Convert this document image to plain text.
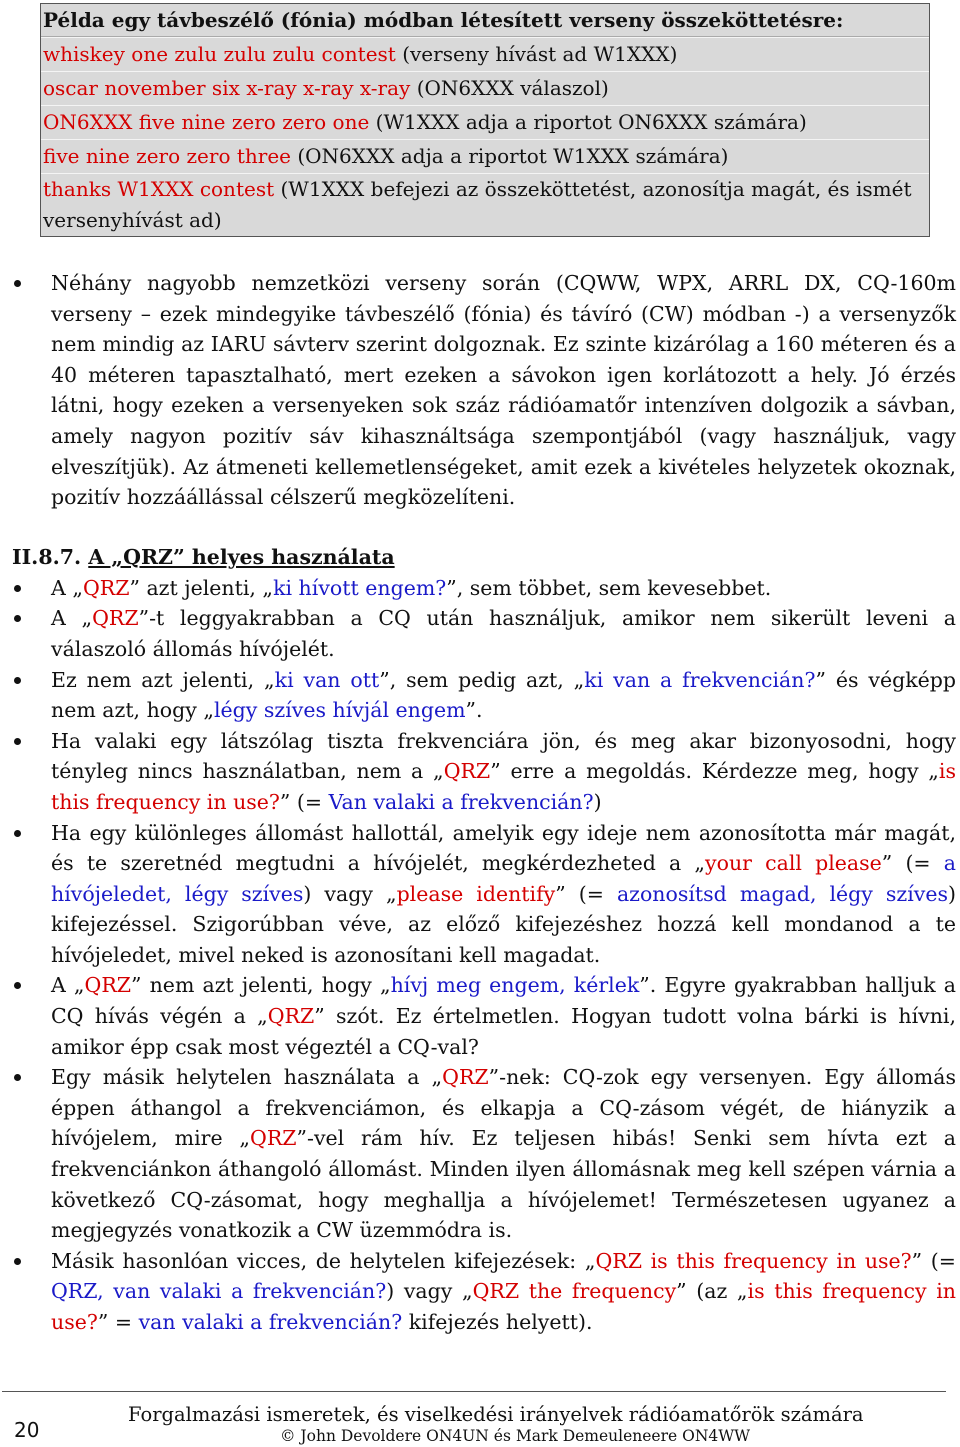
Példa egy távbeszélő (fónia) módban létesített verseny összeköttetésre:
whiskey one zulu zulu zulu contest (verseny hívást ad W1XXX)
oscar november six x-ray x-ray x-ray (ON6XXX válaszol)
ON6XXX five nine zero zero one (W1XXX adja a riportot ON6XXX számára)
five nine zero zero three (ON6XXX adja a riportot W1XXX számára)
thanks W1XXX contest (W1XXX befejezi az összeköttetést, azonosítja magát, és ismét versenyhívást ad)
Néhány nagyobb nemzetközi verseny során (CQWW, WPX, ARRL DX, CQ-160m verseny – ezek mindegyike távbeszélő (fónia) és távíró (CW) módban -) a versenyzők nem mindig az IARU sávterv szerint dolgoznak. Ez szinte kizárólag a 160 méteren és a 40 méteren tapasztalható, mert ezeken a sávokon igen korlátozott a hely. Jó érzés látni, hogy ezeken a versenyeken sok száz rádióamatőr intenzíven dolgozik a sávban, amely nagyon pozitív sáv kihasználtsága szempontjából (vagy használjuk, vagy elveszítjük). Az átmeneti kellemetlenségeket, amit ezek a kivételes helyzetek okoznak, pozitív hozzáállással célszerű megközelíteni.
II.8.7. A „QRZ” helyes használata
A „QRZ” azt jelenti, „ki hívott engem?”, sem többet, sem kevesebbet.
A „QRZ”-t leggyakrabban a CQ után használjuk, amikor nem sikerült leveni a válaszoló állomás hívójelét.
Ez nem azt jelenti, „ki van ott”, sem pedig azt, „ki van a frekvencián?” és végképp nem azt, hogy „légy szíves hívjál engem”.
Ha valaki egy látszólag tiszta frekvenciára jön, és meg akar bizonyosodni, hogy tényleg nincs használatban, nem a „QRZ” erre a megoldás. Kérdezze meg, hogy „is this frequency in use?” (= Van valaki a frekvencián?)
Ha egy különleges állomást hallottál, amelyik egy ideje nem azonosította már magát, és te szeretnéd megtudni a hívójelét, megkérdezheted a „your call please” (= a hívójeledet, légy szíves) vagy „please identify” (= azonosítsd magad, légy szíves) kifejezéssel. Szigorúbban véve, az előző kifejezéshez hozzá kell mondanod a te hívójeledet, mivel neked is azonosítani kell magadat.
A „QRZ” nem azt jelenti, hogy „hívj meg engem, kérlek”. Egyre gyakrabban halljuk a CQ hívás végén a „QRZ” szót. Ez értelmetlen. Hogyan tudott volna bárki is hívni, amikor épp csak most végeztél a CQ-val?
Egy másik helytelen használata a „QRZ”-nek: CQ-zok egy versenyen. Egy állomás éppen áthangol a frekvenciámon, és elkapja a CQ-zásom végét, de hiányzik a hívójelem, mire „QRZ”-vel rám hív. Ez teljesen hibás! Senki sem hívta ezt a frekvenciánkon áthangoló állomást. Minden ilyen állomásnak meg kell szépen várnia a következő CQ-zásomat, hogy meghallja a hívójelemet! Természetesen ugyanez a megjegyzés vonatkozik a CW üzemmódra is.
Másik hasonlóan vicces, de helytelen kifejezések: „QRZ is this frequency in use?” (= QRZ, van valaki a frekvencián?) vagy „QRZ the frequency” (az „is this frequency in use?” = van valaki a frekvencián? kifejezés helyett).
20
Forgalmazási ismeretek, és viselkedési irányelvek rádióamatőrök számára
© John Devoldere ON4UN és Mark Demeuleneere ON4WW
